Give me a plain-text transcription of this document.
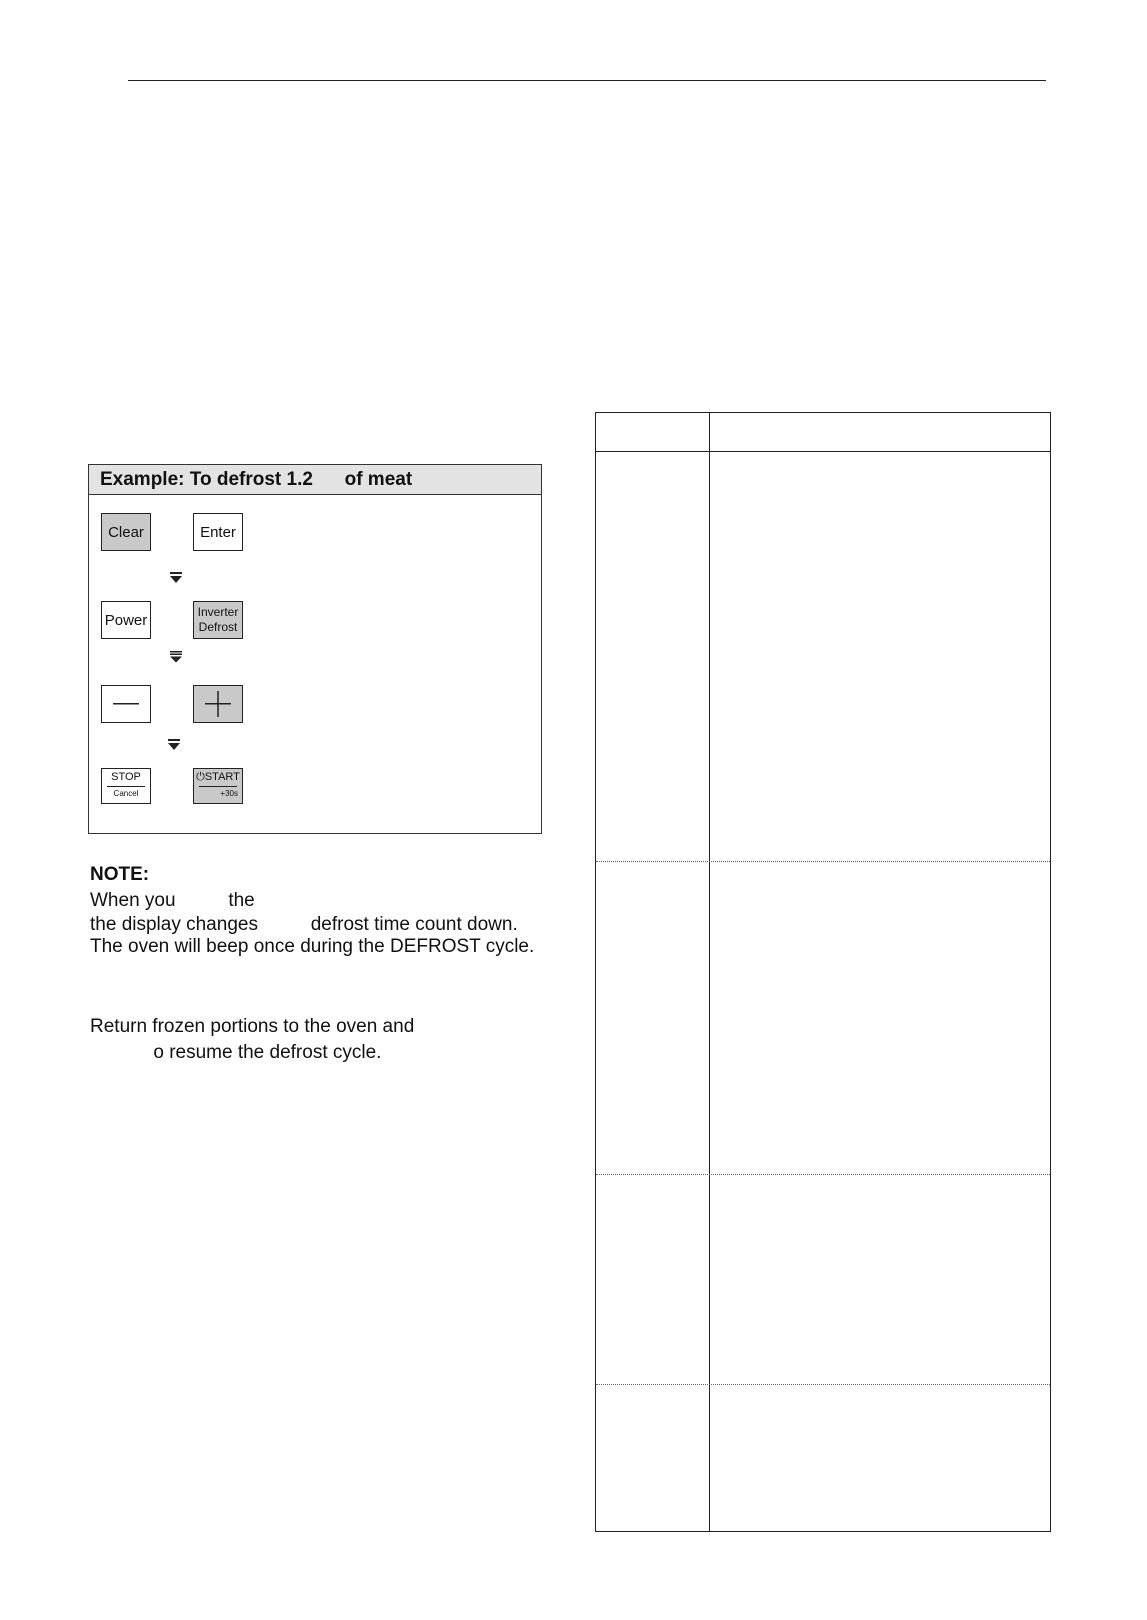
Example: To defrost 1.2      of meat
Clear	Enter
Power	Inverter
Defrost
STOP
Cancel
⏻START
+30s
NOTE:
When you          the
the display changes          defrost time count down.
The oven will beep once during the DEFROST cycle.
Return frozen portions to the oven and
o resume the defrost cycle.
